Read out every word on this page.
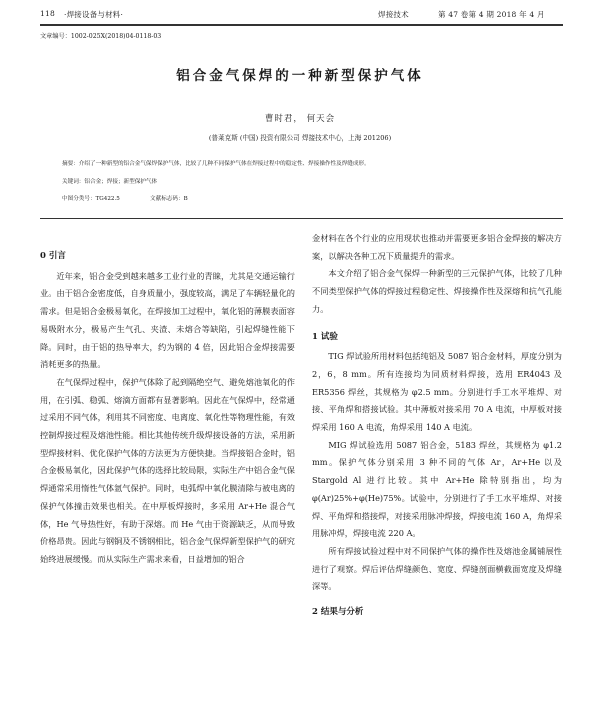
118 ·焊接设备与材料·	焊接技术	第 47 卷第 4 期 2018 年 4 月
文章编号：1002-025X(2018)04-0118-03
铝合金气保焊的一种新型保护气体
曹时君， 何天会
(普莱克斯 (中国) 投资有限公司 焊接技术中心，上海 201206)
摘要：介绍了一种新型的铝合金气保焊保护气体，比较了几种不同保护气体在焊接过程中的稳定性、焊接操作性及焊缝成形。
关键词：铝合金；焊接；新型保护气体
中图分类号：TG422.5	文献标志码：B
0 引言

近年来，铝合金受到越来越多工业行业的青睐，尤其是交通运输行业。由于铝合金密度低，自身质量小，强度较高，满足了车辆轻量化的需求。但是铝合金极易氧化，在焊接加工过程中，氧化铝的薄膜表面容易吸附水分，极易产生气孔、夹渣、未熔合等缺陷，引起焊缝性能下降。同时，由于铝的热导率大，约为钢的 4 倍，因此铝合金焊接需要消耗更多的热量。

在气保焊过程中，保护气体除了起到隔绝空气、避免熔池氧化的作用，在引弧、稳弧、熔滴方面都有显著影响。因此在气保焊中，经常通过采用不同气体，利用其不同密度、电离度、氧化性等物理性能，有效控制焊接过程及熔池性能。相比其他传统升级焊接设备的方法，采用新型焊接材料、优化保护气体的方法更为方便快捷。当焊接铝合金时，铝合金极易氧化，因此保护气体的选择比较局限，实际生产中铝合金气保焊通常采用惰性气体氩气保护。同时，电弧焊中氧化膜清除与被电离的保护气体撞击效果也相关。在中厚板焊接时，多采用 Ar+He 混合气体，He 气导热性好，有助于深熔。而 He 气由于资源缺乏，从而导致价格昂贵。因此与钢铜及不锈钢相比，铝合金气保焊新型保护气的研究始终进展缓慢。而从实际生产需求来看，日益增加的铝合

金材料在各个行业的应用现状也推动并需要更多铝合金焊接的解决方案，以解决各种工况下质量提升的需求。

本文介绍了铝合金气保焊一种新型的三元保护气体，比较了几种不同类型保护气体的焊接过程稳定性、焊接操作性及深熔和抗气孔能力。

1 试验

TIG 焊试验所用材料包括纯铝及 5087 铝合金材料，厚度分别为 2，6，8 mm。所有连接均为同质材料焊接，选用 ER4043 及 ER5356 焊丝，其规格为 φ2.5 mm。分别进行手工水平堆焊、对接、平角焊和搭接试验。其中薄板对接采用 70 A 电流，中厚板对接焊采用 160 A 电流，角焊采用 140 A 电流。

MIG 焊试验选用 5087 铝合金，5183 焊丝，其规格为 φ1.2 mm。保护气体分别采用 3 种不同的气体 Ar，Ar+He 以及 Stargold Al 进行比较。其中 Ar+He 除特别指出，均为 φ(Ar)25%+φ(He)75%。试验中，分别进行了手工水平堆焊、对接焊、平角焊和搭接焊，对接采用脉冲焊接，焊接电流 160 A，角焊采用脉冲焊，焊接电流 220 A。

所有焊接试验过程中对不同保护气体的操作性及熔池金属铺展性进行了观察。焊后评估焊缝颜色、宽度、焊缝剖面横截面宽度及焊缝深等。

2 结果与分析
